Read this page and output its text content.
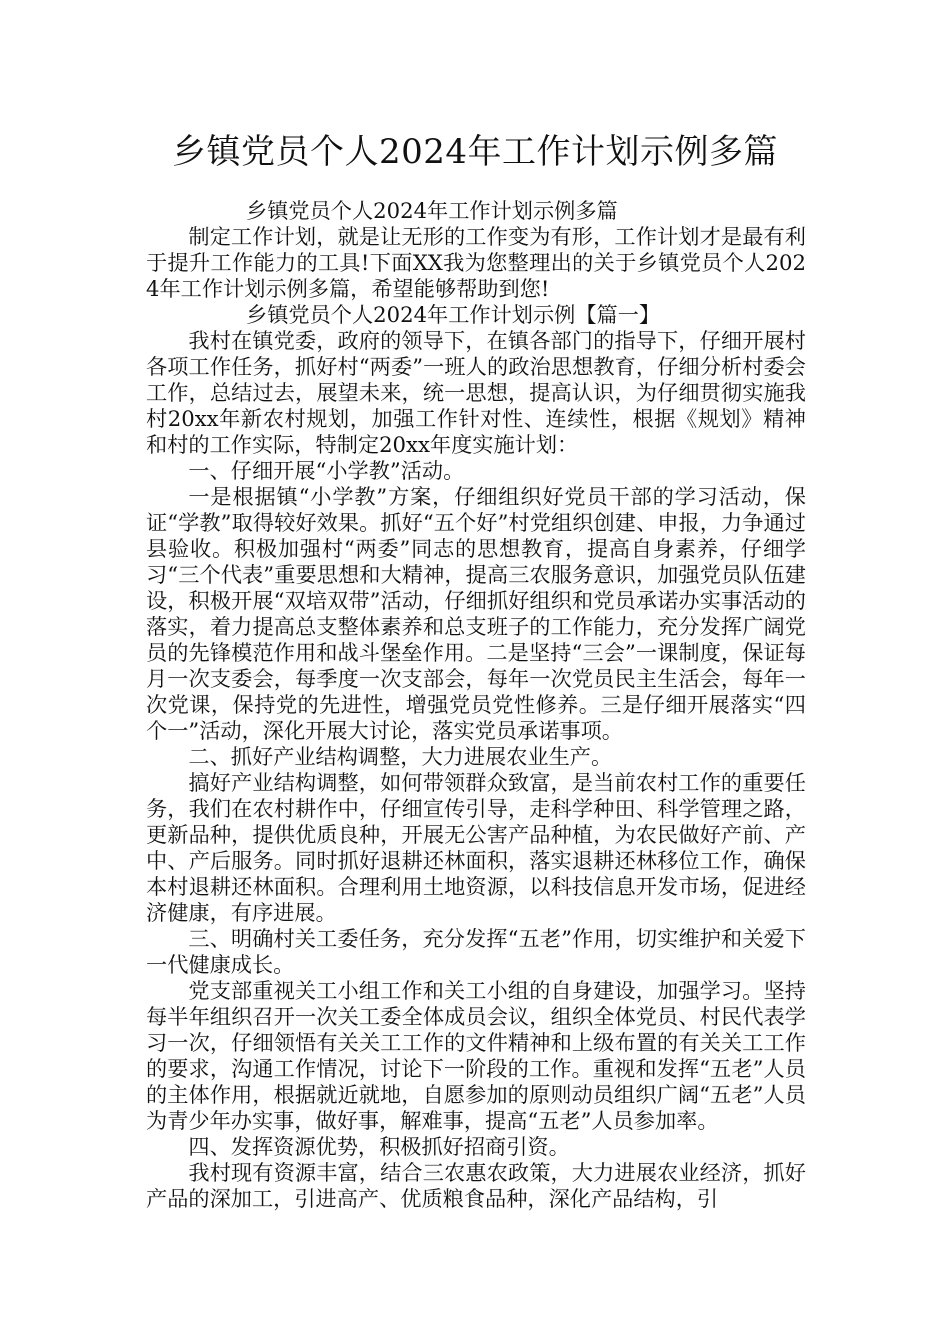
乡镇党员个人2024年工作计划示例多篇

乡镇党员个人2024年工作计划示例多篇

制定工作计划，就是让无形的工作变为有形，工作计划才是最有利于提升工作能力的工具!下面XX我为您整理出的关于乡镇党员个人2024年工作计划示例多篇，希望能够帮助到您!

乡镇党员个人2024年工作计划示例【篇一】

我村在镇党委，政府的领导下，在镇各部门的指导下，仔细开展村各项工作任务，抓好村“两委”一班人的政治思想教育，仔细分析村委会工作，总结过去，展望未来，统一思想，提高认识，为仔细贯彻实施我村20xx年新农村规划，加强工作针对性、连续性，根据《规划》精神和村的工作实际，特制定20xx年度实施计划：

一、仔细开展“小学教”活动。

一是根据镇“小学教”方案，仔细组织好党员干部的学习活动，保证“学教”取得较好效果。抓好“五个好”村党组织创建、申报，力争通过县验收。积极加强村“两委”同志的思想教育，提高自身素养，仔细学习“三个代表”重要思想和大精神，提高三农服务意识，加强党员队伍建设，积极开展“双培双带”活动，仔细抓好组织和党员承诺办实事活动的落实，着力提高总支整体素养和总支班子的工作能力，充分发挥广阔党员的先锋模范作用和战斗堡垒作用。二是坚持“三会”一课制度，保证每月一次支委会，每季度一次支部会，每年一次党员民主生活会，每年一次党课，保持党的先进性，增强党员党性修养。三是仔细开展落实“四个一”活动，深化开展大讨论，落实党员承诺事项。

二、抓好产业结构调整，大力进展农业生产。

搞好产业结构调整，如何带领群众致富，是当前农村工作的重要任务，我们在农村耕作中，仔细宣传引导，走科学种田、科学管理之路，更新品种，提供优质良种，开展无公害产品种植，为农民做好产前、产中、产后服务。同时抓好退耕还林面积，落实退耕还林移位工作，确保本村退耕还林面积。合理利用土地资源，以科技信息开发市场，促进经济健康，有序进展。

三、明确村关工委任务，充分发挥“五老”作用，切实维护和关爱下一代健康成长。

党支部重视关工小组工作和关工小组的自身建设，加强学习。坚持每半年组织召开一次关工委全体成员会议，组织全体党员、村民代表学习一次，仔细领悟有关关工工作的文件精神和上级布置的有关关工工作的要求，沟通工作情况，讨论下一阶段的工作。重视和发挥“五老”人员的主体作用，根据就近就地，自愿参加的原则动员组织广阔“五老”人员为青少年办实事，做好事，解难事，提高“五老”人员参加率。

四、发挥资源优势，积极抓好招商引资。

我村现有资源丰富，结合三农惠农政策，大力进展农业经济，抓好产品的深加工，引进高产、优质粮食品种，深化产品结构，引
